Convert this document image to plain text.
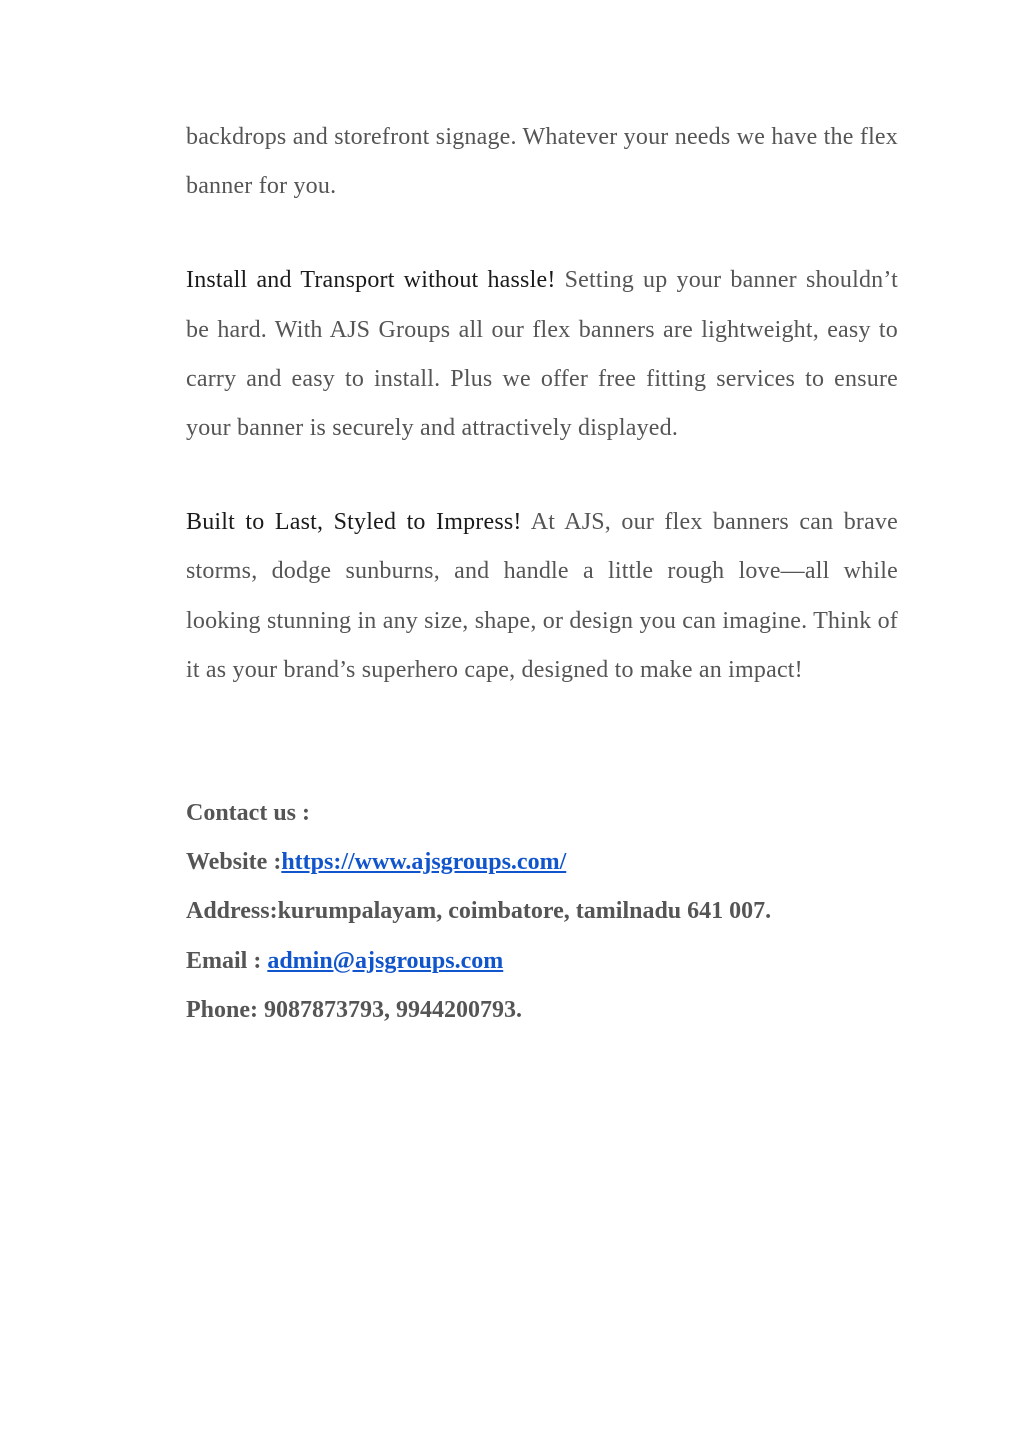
backdrops and storefront signage. Whatever your needs we have the flex banner for you.

Install and Transport without hassle! Setting up your banner shouldn’t be hard. With AJS Groups all our flex banners are lightweight, easy to carry and easy to install. Plus we offer free fitting services to ensure your banner is securely and attractively displayed.

Built to Last, Styled to Impress! At AJS, our flex banners can brave storms, dodge sunburns, and handle a little rough love—all while looking stunning in any size, shape, or design you can imagine. Think of it as your brand’s superhero cape, designed to make an impact!

Contact us :

Website :https://www.ajsgroups.com/

Address:kurumpalayam, coimbatore, tamilnadu 641 007.

Email : admin@ajsgroups.com

Phone: 9087873793, 9944200793.
